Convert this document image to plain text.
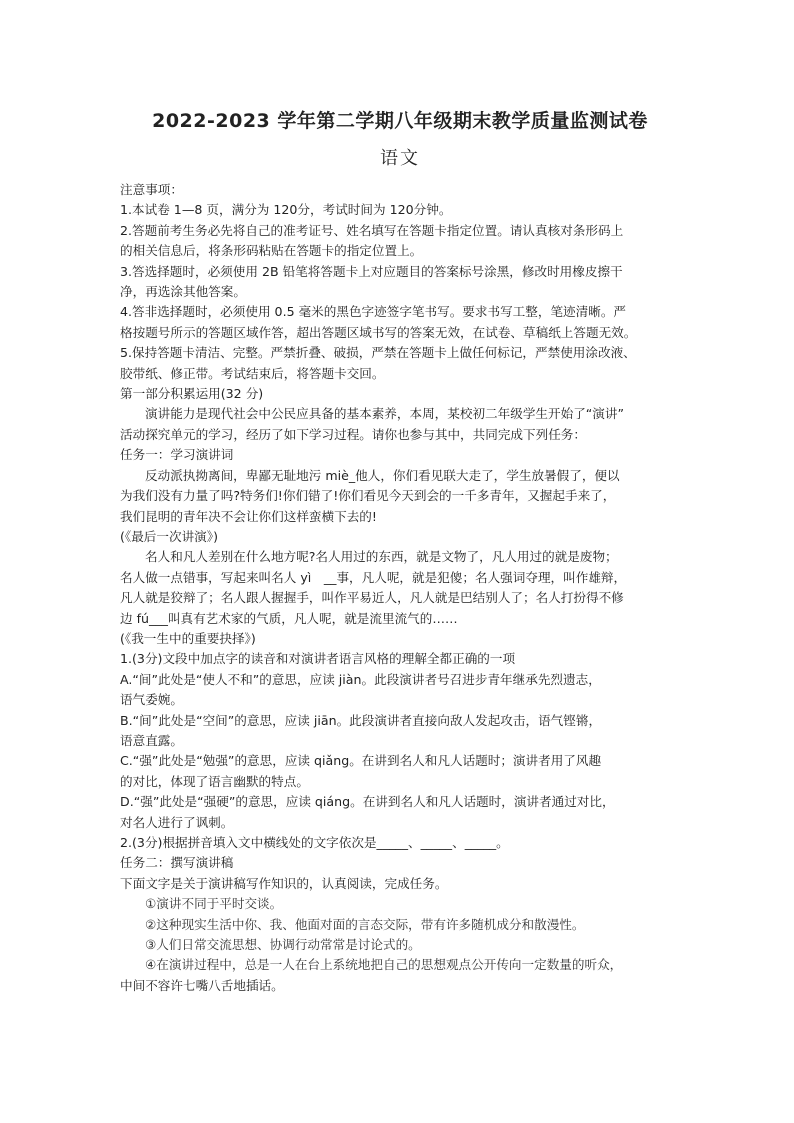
2022-2023 学年第二学期八年级期末教学质量监测试卷
语文

注意事项：

1.本试卷 1—8 页，满分为 120分，考试时间为 120分钟。

2.答题前考生务必先将自己的准考证号、姓名填写在答题卡指定位置。请认真核对条形码上

的相关信息后，将条形码粘贴在答题卡的指定位置上。

3.答选择题时，必须使用 2B 铅笔将答题卡上对应题目的答案标号涂黑，修改时用橡皮擦干

净，再选涂其他答案。

4.答非选择题时，必须使用 0.5 毫米的黑色字迹签字笔书写。要求书写工整，笔迹清晰。严

格按题号所示的答题区域作答，超出答题区域书写的答案无效，在试卷、草稿纸上答题无效。

5.保持答题卡清洁、完整。严禁折叠、破损，严禁在答题卡上做任何标记，严禁使用涂改液、

胶带纸、修正带。考试结束后，将答题卡交回。

第一部分积累运用(32 分)

演讲能力是现代社会中公民应具备的基本素养，本周，某校初二年级学生开始了“演讲”

活动探究单元的学习，经历了如下学习过程。请你也参与其中，共同完成下列任务：

任务一：学习演讲词

反动派执拗离间，卑鄙无耻地污 miè_他人，你们看见联大走了，学生放暑假了，便以

为我们没有力量了吗?特务们!你们错了!你们看见今天到会的一千多青年，又握起手来了，

我们昆明的青年决不会让你们这样蛮横下去的!

(《最后一次讲演》)

名人和凡人差别在什么地方呢?名人用过的东西，就是文物了，凡人用过的就是废物；

名人做一点错事，写起来叫名人 yì　__事，凡人呢，就是犯傻；名人强词夺理，叫作雄辩，

凡人就是狡辩了；名人跟人握握手，叫作平易近人，凡人就是巴结别人了；名人打扮得不修

边 fú___叫真有艺术家的气质，凡人呢，就是流里流气的……

(《我一生中的重要抉择》)

1.(3分)文段中加点字的读音和对演讲者语言风格的理解全都正确的一项

A.“间”此处是“使人不和”的意思，应读 jiàn。此段演讲者号召进步青年继承先烈遗志，

语气委婉。

B.“间”此处是“空间”的意思，应读 jiān。此段演讲者直接向敌人发起攻击，语气铿锵，

语意直露。

C.“强”此处是“勉强”的意思，应读 qiǎng。在讲到名人和凡人话题时；演讲者用了风趣

的对比，体现了语言幽默的特点。

D.“强”此处是“强硬”的意思，应读 qiáng。在讲到名人和凡人话题时，演讲者通过对比，

对名人进行了讽刺。

2.(3分)根据拼音填入文中横线处的文字依次是_____、_____、_____。

任务二：撰写演讲稿

下面文字是关于演讲稿写作知识的，认真阅读，完成任务。

①演讲不同于平时交谈。

②这种现实生活中你、我、他面对面的言态交际，带有许多随机成分和散漫性。

③人们日常交流思想、协调行动常常是讨论式的。

④在演讲过程中，总是一人在台上系统地把自己的思想观点公开传向一定数量的听众，

中间不容许七嘴八舌地插话。
